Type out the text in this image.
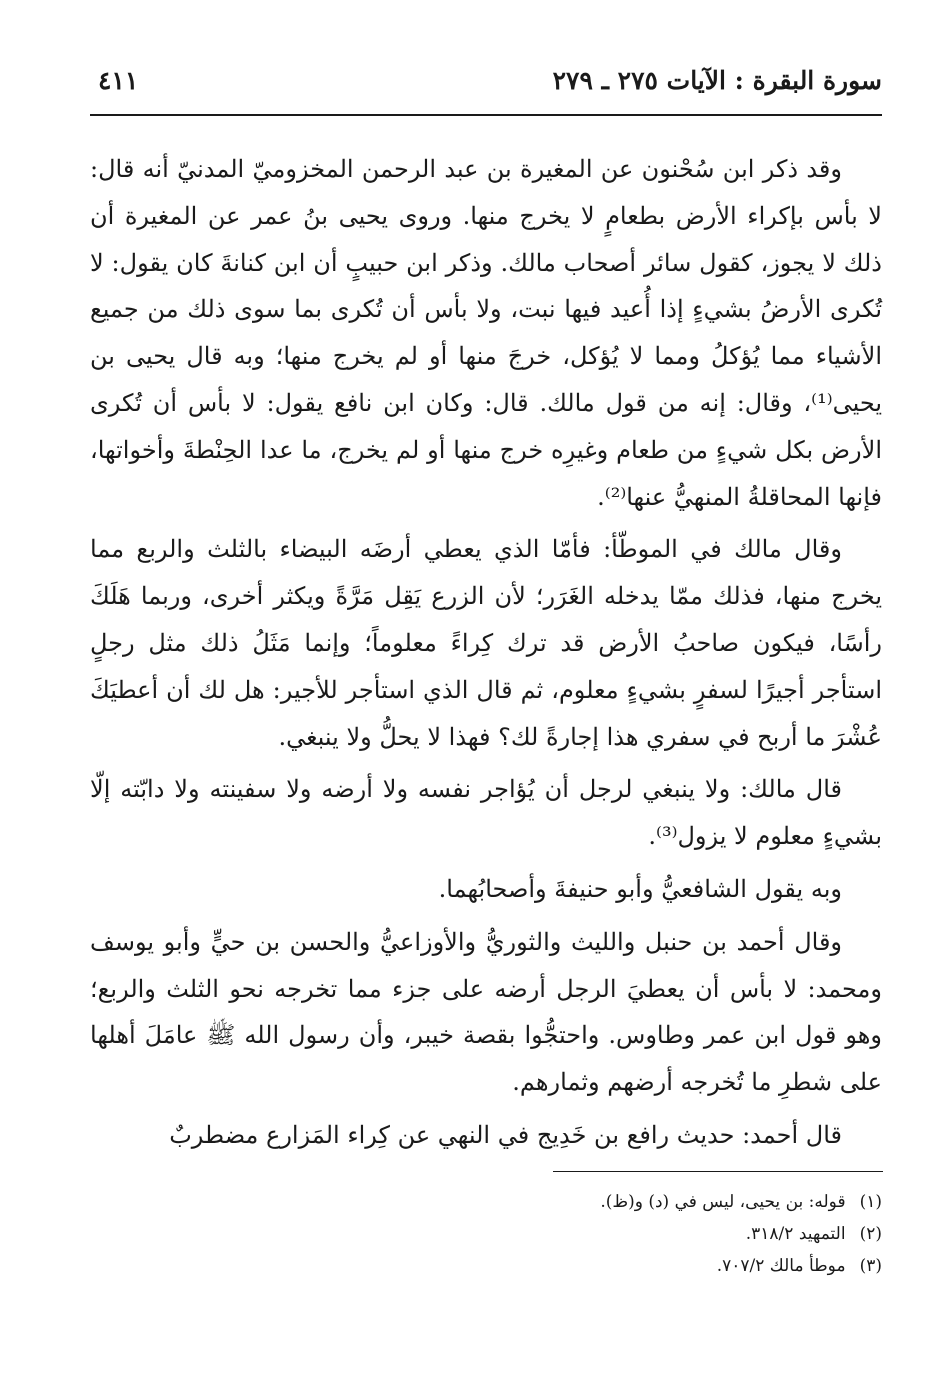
سورة البقرة : الآيات ٢٧٥ ـ ٢٧٩
٤١١

وقد ذكر ابن سُحْنون عن المغيرة بن عبد الرحمن المخزوميّ المدنيّ أنه قال: لا بأس بإكراء الأرض بطعامٍ لا يخرج منها. وروى يحيى بنُ عمر عن المغيرة أن ذلك لا يجوز، كقول سائر أصحاب مالك. وذكر ابن حبيبٍ أن ابن كنانةَ كان يقول: لا تُكرى الأرضُ بشيءٍ إذا أُعيد فيها نبت، ولا بأس أن تُكرى بما سوى ذلك من جميع الأشياء مما يُؤكلُ ومما لا يُؤكل، خرجَ منها أو لم يخرج منها؛ وبه قال يحيى بن يحيى⁽¹⁾، وقال: إنه من قول مالك. قال: وكان ابن نافع يقول: لا بأس أن تُكرى الأرض بكل شيءٍ من طعام وغيرِه خرج منها أو لم يخرج، ما عدا الحِنْطةَ وأخواتها، فإنها المحاقلةُ المنهيُّ عنها⁽²⁾.

وقال مالك في الموطّأ: فأمّا الذي يعطي أرضَه البيضاء بالثلث والربع مما يخرج منها، فذلك ممّا يدخله الغَرَر؛ لأن الزرع يَقِل مَرَّةً ويكثر أخرى، وربما هَلَكَ رأسًا، فيكون صاحبُ الأرض قد ترك كِراءً معلوماً؛ وإنما مَثَلُ ذلك مثل رجلٍ استأجر أجيرًا لسفرٍ بشيءٍ معلوم، ثم قال الذي استأجر للأجير: هل لك أن أعطيَكَ عُشْرَ ما أربح في سفري هذا إجارةً لك؟ فهذا لا يحلُّ ولا ينبغي.

قال مالك: ولا ينبغي لرجل أن يُؤاجر نفسه ولا أرضه ولا سفينته ولا دابّته إلّا بشيءٍ معلوم لا يزول⁽³⁾.

وبه يقول الشافعيُّ وأبو حنيفةَ وأصحابُهما.

وقال أحمد بن حنبل والليث والثوريُّ والأوزاعيُّ والحسن بن حيٍّ وأبو يوسف ومحمد: لا بأس أن يعطيَ الرجل أرضه على جزء مما تخرجه نحو الثلث والربع؛ وهو قول ابن عمر وطاوس. واحتجُّوا بقصة خيبر، وأن رسول الله ﷺ عامَلَ أهلها على شطرِ ما تُخرجه أرضهم وثمارهم.

قال أحمد: حديث رافع بن خَدِيج في النهي عن كِراء المَزارع مضطربٌ

(١)قوله: بن يحيى، ليس في (د) و(ظ).

(٢)التمهيد ٣١٨/٢.

(٣)موطأ مالك ٧٠٧/٢.
